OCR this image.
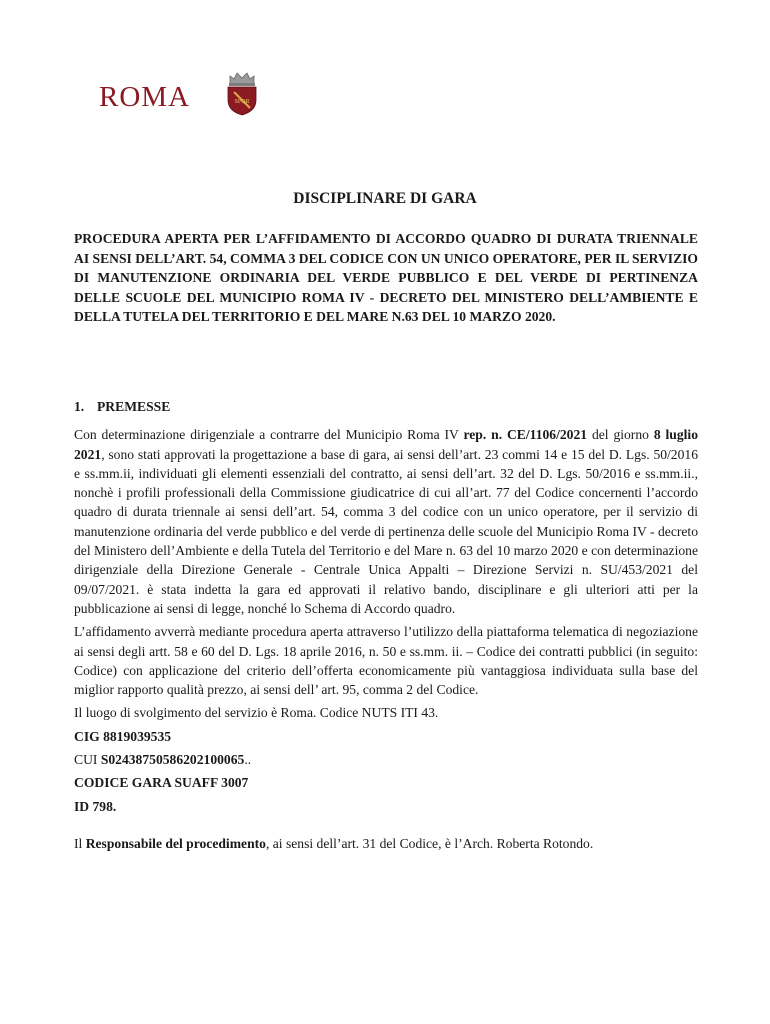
ROMA	SPQR
DISCIPLINARE DI GARA
PROCEDURA APERTA PER L’AFFIDAMENTO DI ACCORDO QUADRO DI DURATA TRIENNALE AI SENSI DELL’ART. 54, COMMA 3 DEL CODICE CON UN UNICO OPERATORE, PER IL SERVIZIO DI MANUTENZIONE ORDINARIA DEL VERDE PUBBLICO E DEL VERDE DI PERTINENZA DELLE SCUOLE DEL MUNICIPIO ROMA IV - DECRETO DEL MINISTERO DELL’AMBIENTE E DELLA TUTELA DEL TERRITORIO E DEL MARE N.63 DEL 10 MARZO 2020.
1. PREMESSE

Con determinazione dirigenziale a contrarre del Municipio Roma IV rep. n. CE/1106/2021 del giorno 8 luglio 2021, sono stati approvati la progettazione a base di gara, ai sensi dell’art. 23 commi 14 e 15 del D. Lgs. 50/2016 e ss.mm.ii, individuati gli elementi essenziali del contratto, ai sensi dell’art. 32 del D. Lgs. 50/2016 e ss.mm.ii., nonchè i profili professionali della Commissione giudicatrice di cui all’art. 77 del Codice concernenti l’accordo quadro di durata triennale ai sensi dell’art. 54, comma 3 del codice con un unico operatore, per il servizio di manutenzione ordinaria del verde pubblico e del verde di pertinenza delle scuole del Municipio Roma IV - decreto del Ministero dell’Ambiente e della Tutela del Territorio e del Mare n. 63 del 10 marzo 2020 e con determinazione dirigenziale della Direzione Generale - Centrale Unica Appalti – Direzione Servizi n. SU/453/2021 del 09/07/2021. è stata indetta la gara ed approvati il relativo bando, disciplinare e gli ulteriori atti per la pubblicazione ai sensi di legge, nonché lo Schema di Accordo quadro.

L’affidamento avverrà mediante procedura aperta attraverso l’utilizzo della piattaforma telematica di negoziazione ai sensi degli artt. 58 e 60 del D. Lgs. 18 aprile 2016, n. 50 e ss.mm. ii. – Codice dei contratti pubblici (in seguito: Codice) con applicazione del criterio dell’offerta economicamente più vantaggiosa individuata sulla base del miglior rapporto qualità prezzo, ai sensi dell’ art. 95, comma 2 del Codice.

Il luogo di svolgimento del servizio è Roma. Codice NUTS ITI 43.
CIG 8819039535
CUI S02438750586202100065..
CODICE GARA SUAFF 3007
ID 798.
Il Responsabile del procedimento, ai sensi dell’art. 31 del Codice, è l’Arch. Roberta Rotondo.
